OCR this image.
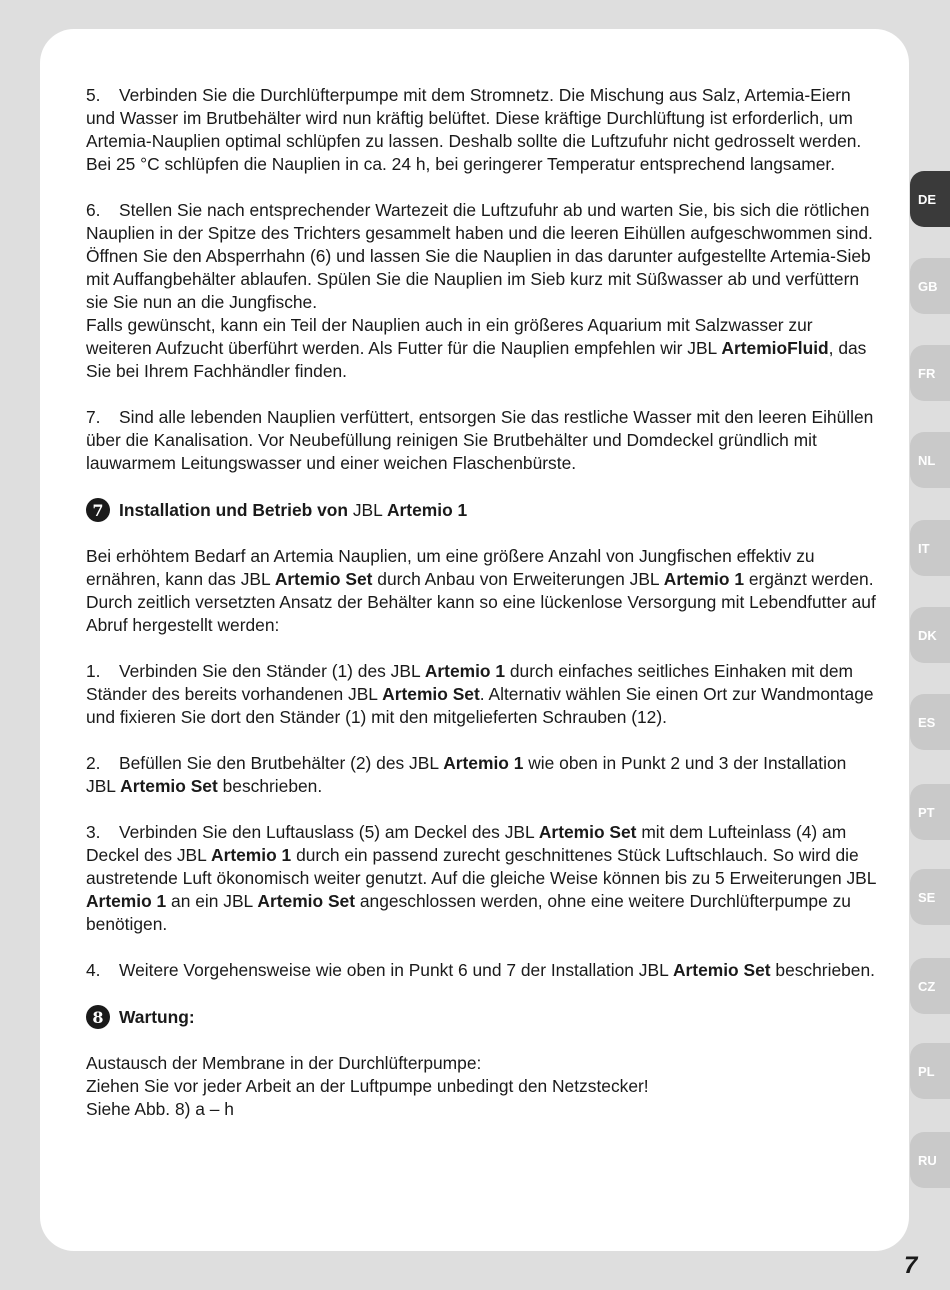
5. Verbinden Sie die Durchlüfterpumpe mit dem Stromnetz. Die Mischung aus Salz, Artemia-Eiern und Wasser im Brutbehälter wird nun kräftig belüftet. Diese kräftige Durchlüftung ist erforderlich, um Artemia-Nauplien optimal schlüpfen zu lassen. Deshalb sollte die Luftzufuhr nicht gedrosselt werden. Bei 25 °C schlüpfen die Nauplien in ca. 24 h, bei geringerer Temperatur entsprechend langsamer.

6. Stellen Sie nach entsprechender Wartezeit die Luftzufuhr ab und warten Sie, bis sich die rötlichen Nauplien in der Spitze des Trichters gesammelt haben und die leeren Eihüllen aufgeschwommen sind. Öffnen Sie den Absperrhahn (6) und lassen Sie die Nauplien in das darunter aufgestellte Artemia-Sieb mit Auffangbehälter ablaufen. Spülen Sie die Nauplien im Sieb kurz mit Süßwasser ab und verfüttern sie Sie nun an die Jungfische.

Falls gewünscht, kann ein Teil der Nauplien auch in ein größeres Aquarium mit Salzwasser zur weiteren Aufzucht überführt werden. Als Futter für die Nauplien empfehlen wir JBL ArtemioFluid, das Sie bei Ihrem Fachhändler finden.

7. Sind alle lebenden Nauplien verfüttert, entsorgen Sie das restliche Wasser mit den leeren Eihüllen über die Kanalisation. Vor Neubefüllung reinigen Sie Brutbehälter und Domdeckel gründlich mit lauwarmem Leitungswasser und einer weichen Flaschenbürste.

7 Installation und Betrieb von JBL Artemio 1

Bei erhöhtem Bedarf an Artemia Nauplien, um eine größere Anzahl von Jungfischen effektiv zu ernähren, kann das JBL Artemio Set durch Anbau von Erweiterungen JBL Artemio 1 ergänzt werden. Durch zeitlich versetzten Ansatz der Behälter kann so eine lückenlose Versorgung mit Lebendfutter auf Abruf hergestellt werden:

1. Verbinden Sie den Ständer (1) des JBL Artemio 1 durch einfaches seitliches Einhaken mit dem Ständer des bereits vorhandenen JBL Artemio Set. Alternativ wählen Sie einen Ort zur Wandmontage und fixieren Sie dort den Ständer (1) mit den mitgelieferten Schrauben (12).

2. Befüllen Sie den Brutbehälter (2) des JBL Artemio 1 wie oben in Punkt 2 und 3 der Installation JBL Artemio Set beschrieben.

3. Verbinden Sie den Luftauslass (5) am Deckel des JBL Artemio Set mit dem Lufteinlass (4) am Deckel des JBL Artemio 1 durch ein passend zurecht geschnittenes Stück Luftschlauch. So wird die austretende Luft ökonomisch weiter genutzt. Auf die gleiche Weise können bis zu 5 Erweiterungen JBL Artemio 1 an ein JBL Artemio Set angeschlossen werden, ohne eine weitere Durchlüfterpumpe zu benötigen.

4. Weitere Vorgehensweise wie oben in Punkt 6 und 7 der Installation JBL Artemio Set beschrieben.

8 Wartung:

Austausch der Membrane in der Durchlüfterpumpe:

Ziehen Sie vor jeder Arbeit an der Luftpumpe unbedingt den Netzstecker!

Siehe Abb. 8) a – h

DE
GB
FR
NL
IT
DK
ES
PT
SE
CZ
PL
RU
7
